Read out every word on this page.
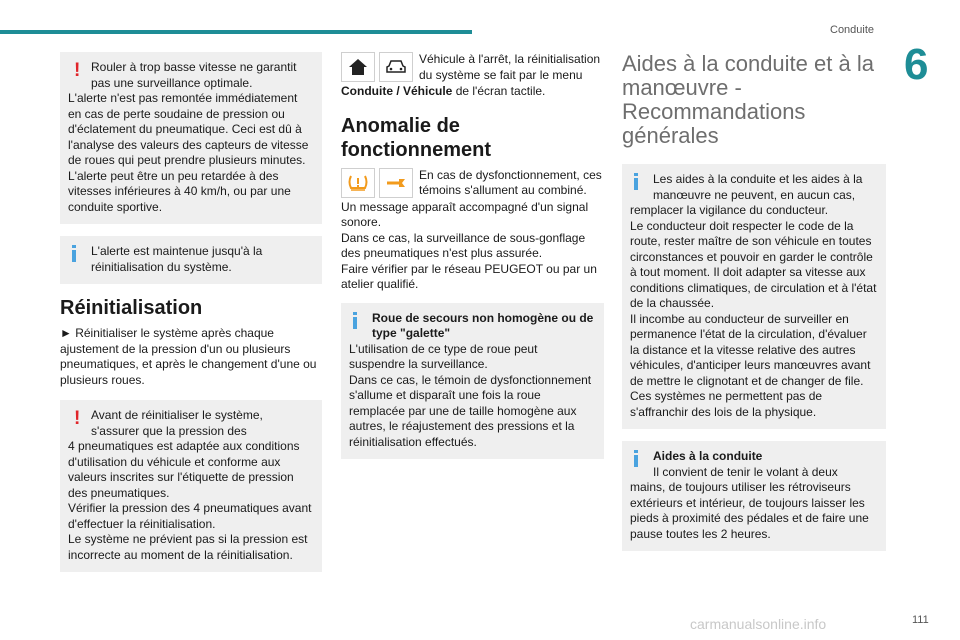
Conduite
6

! Rouler à trop basse vitesse ne garantit pas une surveillance optimale.

L'alerte n'est pas remontée immédiatement en cas de perte soudaine de pression ou d'éclatement du pneumatique. Ceci est dû à l'analyse des valeurs des capteurs de vitesse de roues qui peut prendre plusieurs minutes. L'alerte peut être un peu retardée à des vitesses inférieures à 40 km/h, ou par une conduite sportive.

L'alerte est maintenue jusqu'à la réinitialisation du système.

Réinitialisation

► Réinitialiser le système après chaque ajustement de la pression d'un ou plusieurs pneumatiques, et après le changement d'une ou plusieurs roues.

! Avant de réinitialiser le système, s'assurer que la pression des

4 pneumatiques est adaptée aux conditions d'utilisation du véhicule et conforme aux valeurs inscrites sur l'étiquette de pression des pneumatiques.

Vérifier la pression des 4 pneumatiques avant d'effectuer la réinitialisation.

Le système ne prévient pas si la pression est incorrecte au moment de la réinitialisation.

Véhicule à l'arrêt, la réinitialisation du système se fait par le menu

Conduite / Véhicule de l'écran tactile.

Anomalie de fonctionnement

En cas de dysfonctionnement, ces témoins s'allument au combiné.

Un message apparaît accompagné d'un signal sonore.

Dans ce cas, la surveillance de sous-gonflage des pneumatiques n'est plus assurée.

Faire vérifier par le réseau PEUGEOT ou par un atelier qualifié.

Roue de secours non homogène ou de type "galette"

L'utilisation de ce type de roue peut suspendre la surveillance.

Dans ce cas, le témoin de dysfonctionnement s'allume et disparaît une fois la roue remplacée par une de taille homogène aux autres, le réajustement des pressions et la réinitialisation effectués.

Aides à la conduite et à la manœuvre - Recommandations générales

Les aides à la conduite et les aides à la manœuvre ne peuvent, en aucun cas,

remplacer la vigilance du conducteur.

Le conducteur doit respecter le code de la route, rester maître de son véhicule en toutes circonstances et pouvoir en garder le contrôle à tout moment. Il doit adapter sa vitesse aux conditions climatiques, de circulation et à l'état de la chaussée.

Il incombe au conducteur de surveiller en permanence l'état de la circulation, d'évaluer la distance et la vitesse relative des autres véhicules, d'anticiper leurs manœuvres avant de mettre le clignotant et de changer de file.

Ces systèmes ne permettent pas de s'affranchir des lois de la physique.

Aides à la conduite
Il convient de tenir le volant à deux

mains, de toujours utiliser les rétroviseurs extérieurs et intérieur, de toujours laisser les pieds à proximité des pédales et de faire une pause toutes les 2 heures.

carmanualsonline.info	111
